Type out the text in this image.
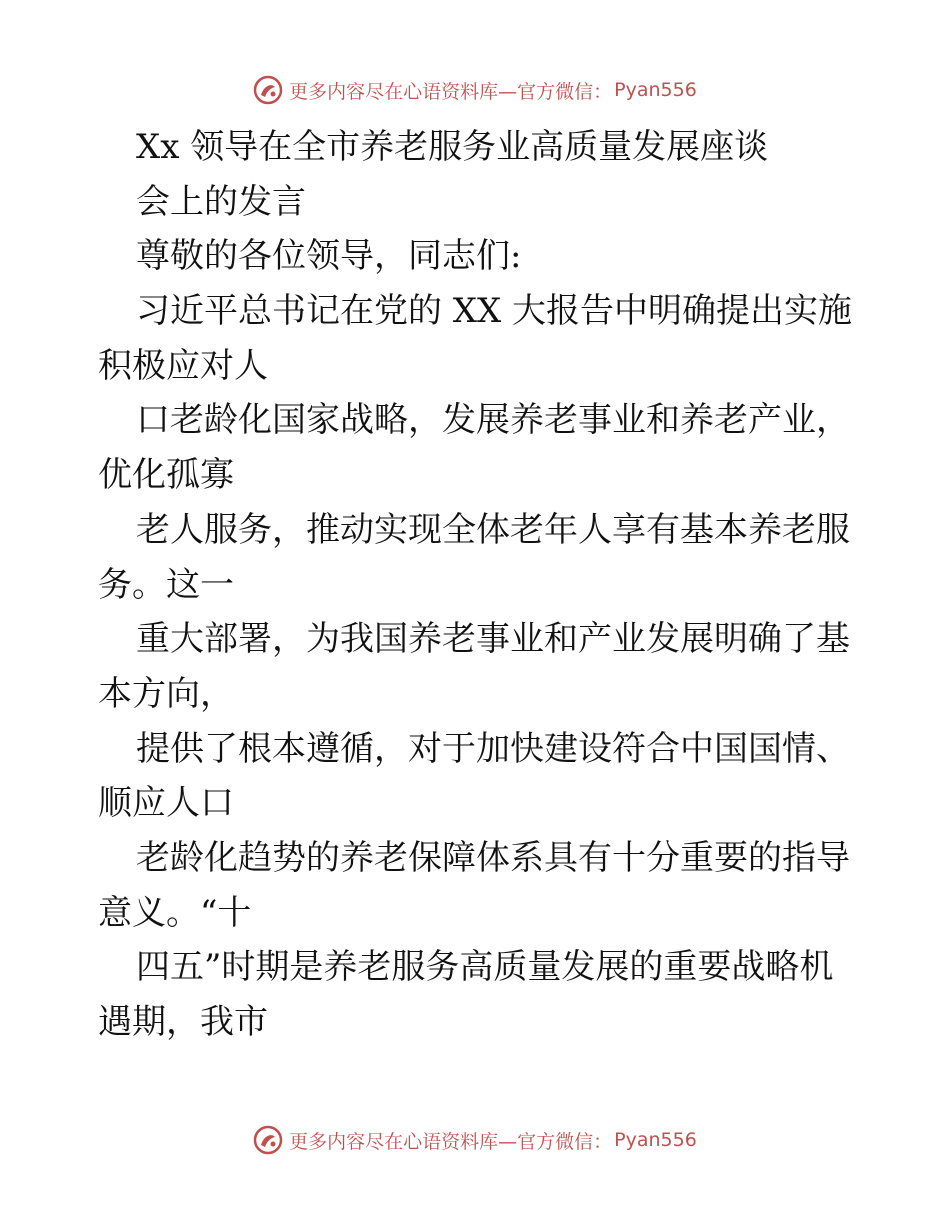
更多内容尽在心语资料库—官方微信： Pyan556
Xx 领导在全市养老服务业高质量发展座谈
会上的发言
尊敬的各位领导，同志们:
习近平总书记在党的 XX 大报告中明确提出实施
积极应对人
口老龄化国家战略，发展养老事业和养老产业，
优化孤寡
老人服务，推动实现全体老年人享有基本养老服
务。这一
重大部署，为我国养老事业和产业发展明确了基
本方向，
提供了根本遵循，对于加快建设符合中国国情、
顺应人口
老龄化趋势的养老保障体系具有十分重要的指导
意义。“十
四五”时期是养老服务高质量发展的重要战略机
遇期，我市
更多内容尽在心语资料库—官方微信： Pyan556
